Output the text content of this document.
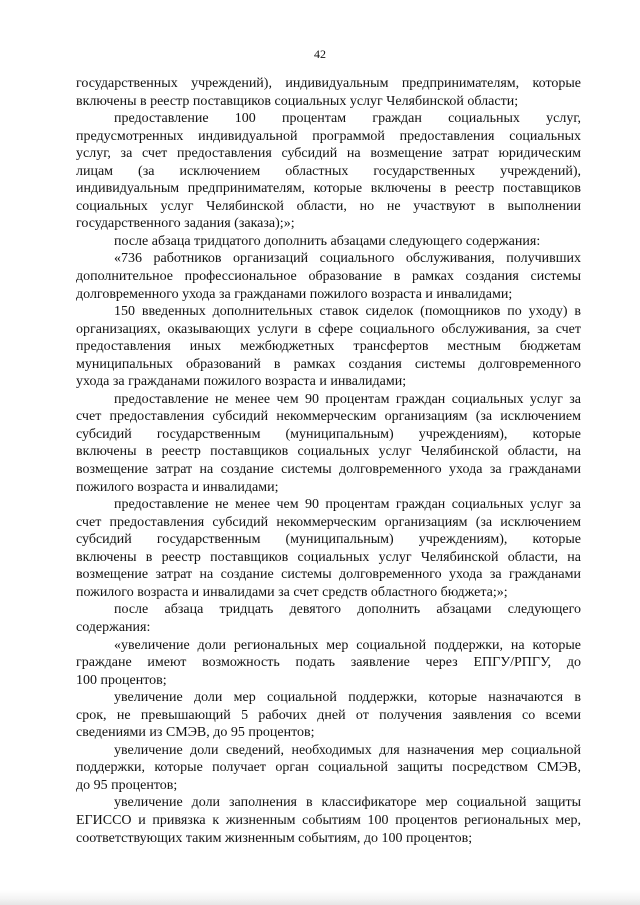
42

государственных учреждений), индивидуальным предпринимателям, которые
включены в реестр поставщиков социальных услуг Челябинской области;

предоставление 100 процентам граждан социальных услуг,
предусмотренных индивидуальной программой предоставления социальных
услуг, за счет предоставления субсидий на возмещение затрат юридическим
лицам (за исключением областных государственных учреждений),
индивидуальным предпринимателям, которые включены в реестр поставщиков
социальных услуг Челябинской области, но не участвуют в выполнении
государственного задания (заказа);»;

после абзаца тридцатого дополнить абзацами следующего содержания:

«736 работников организаций социального обслуживания, получивших
дополнительное профессиональное образование в рамках создания системы
долговременного ухода за гражданами пожилого возраста и инвалидами;

150 введенных дополнительных ставок сиделок (помощников по уходу) в
организациях, оказывающих услуги в сфере социального обслуживания, за счет
предоставления иных межбюджетных трансфертов местным бюджетам
муниципальных образований в рамках создания системы долговременного
ухода за гражданами пожилого возраста и инвалидами;

предоставление не менее чем 90 процентам граждан социальных услуг за
счет предоставления субсидий некоммерческим организациям (за исключением
субсидий государственным (муниципальным) учреждениям), которые
включены в реестр поставщиков социальных услуг Челябинской области, на
возмещение затрат на создание системы долговременного ухода за гражданами
пожилого возраста и инвалидами;

предоставление не менее чем 90 процентам граждан социальных услуг за
счет предоставления субсидий некоммерческим организациям (за исключением
субсидий государственным (муниципальным) учреждениям), которые
включены в реестр поставщиков социальных услуг Челябинской области, на
возмещение затрат на создание системы долговременного ухода за гражданами
пожилого возраста и инвалидами за счет средств областного бюджета;»;

после абзаца тридцать девятого дополнить абзацами следующего
содержания:

«увеличение доли региональных мер социальной поддержки, на которые
граждане имеют возможность подать заявление через ЕПГУ/РПГУ, до
100 процентов;

увеличение доли мер социальной поддержки, которые назначаются в
срок, не превышающий 5 рабочих дней от получения заявления со всеми
сведениями из СМЭВ, до 95 процентов;

увеличение доли сведений, необходимых для назначения мер социальной
поддержки, которые получает орган социальной защиты посредством СМЭВ,
до 95 процентов;

увеличение доли заполнения в классификаторе мер социальной защиты
ЕГИССО и привязка к жизненным событиям 100 процентов региональных мер,
соответствующих таким жизненным событиям, до 100 процентов;
